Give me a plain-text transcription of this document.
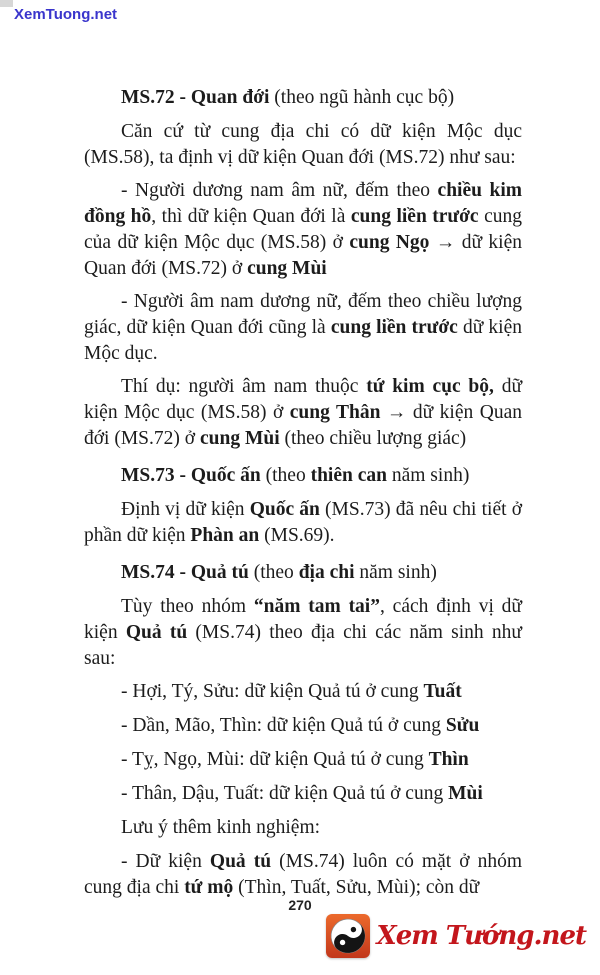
XemTuong.net

MS.72 - Quan đới (theo ngũ hành cục bộ)

Căn cứ từ cung địa chi có dữ kiện Mộc dục (MS.58), ta định vị dữ kiện Quan đới (MS.72) như sau:

- Người dương nam âm nữ, đếm theo chiều kim đồng hồ, thì dữ kiện Quan đới là cung liền trước cung của dữ kiện Mộc dục (MS.58) ở cung Ngọ → dữ kiện Quan đới (MS.72) ở cung Mùi

- Người âm nam dương nữ, đếm theo chiều lượng giác, dữ kiện Quan đới cũng là cung liền trước dữ kiện Mộc dục.

Thí dụ: người âm nam thuộc tứ kim cục bộ, dữ kiện Mộc dục (MS.58) ở cung Thân → dữ kiện Quan đới (MS.72) ở cung Mùi (theo chiều lượng giác)

MS.73 - Quốc ấn (theo thiên can năm sinh)

Định vị dữ kiện Quốc ấn (MS.73) đã nêu chi tiết ở phần dữ kiện Phàn an (MS.69).

MS.74 - Quả tú (theo địa chi năm sinh)

Tùy theo nhóm “năm tam tai”, cách định vị dữ kiện Quả tú (MS.74) theo địa chi các năm sinh như sau:

- Hợi, Tý, Sửu: dữ kiện Quả tú ở cung Tuất

- Dần, Mão, Thìn: dữ kiện Quả tú ở cung Sửu

- Tỵ, Ngọ, Mùi: dữ kiện Quả tú ở cung Thìn

- Thân, Dậu, Tuất: dữ kiện Quả tú ở cung Mùi

Lưu ý thêm kinh nghiệm:

- Dữ kiện Quả tú (MS.74) luôn có mặt ở nhóm cung địa chi tứ mộ (Thìn, Tuất, Sửu, Mùi); còn dữ

270
Xem Tướng.net
